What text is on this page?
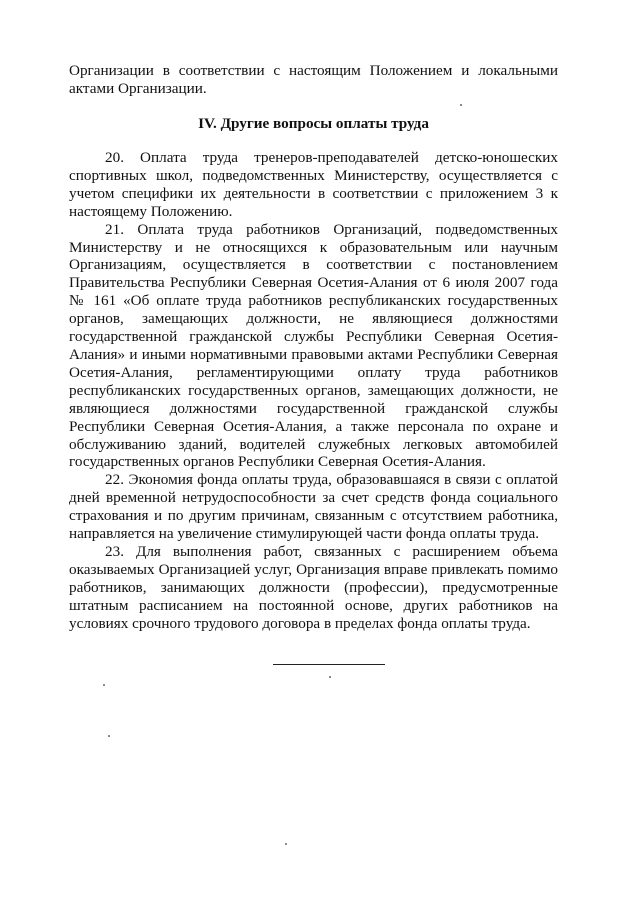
Организации в соответствии с настоящим Положением и локальными актами Организации.
IV. Другие вопросы оплаты труда

20. Оплата труда тренеров-преподавателей детско-юношеских спортивных школ, подведомственных Министерству, осуществляется с учетом специфики их деятельности в соответствии с приложением 3 к настоящему Положению.

21. Оплата труда работников Организаций, подведомственных Министерству и не относящихся к образовательным или научным Организациям, осуществляется в соответствии с постановлением Правительства Республики Северная Осетия-Алания от 6 июля 2007 года № 161 «Об оплате труда работников республиканских государственных органов, замещающих должности, не являющиеся должностями государственной гражданской службы Республики Северная Осетия-Алания» и иными нормативными правовыми актами Республики Северная Осетия-Алания, регламентирующими оплату труда работников республиканских государственных органов, замещающих должности, не являющиеся должностями государственной гражданской службы Республики Северная Осетия-Алания, а также персонала по охране и обслуживанию зданий, водителей служебных легковых автомобилей государственных органов Республики Северная Осетия-Алания.

22. Экономия фонда оплаты труда, образовавшаяся в связи с оплатой дней временной нетрудоспособности за счет средств фонда социального страхования и по другим причинам, связанным с отсутствием работника, направляется на увеличение стимулирующей части фонда оплаты труда.

23. Для выполнения работ, связанных с расширением объема оказываемых Организацией услуг, Организация вправе привлекать помимо работников, занимающих должности (профессии), предусмотренные штатным расписанием на постоянной основе, других работников на условиях срочного трудового договора в пределах фонда оплаты труда.
